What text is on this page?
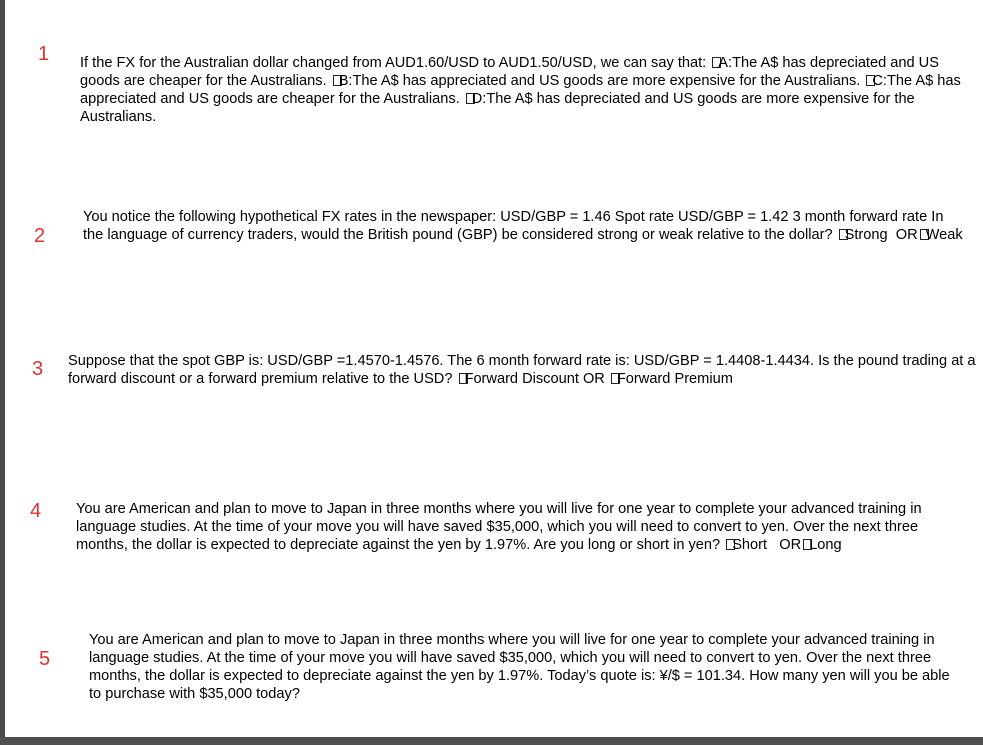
1 If the FX for the Australian dollar changed from AUD1.60/USD to AUD1.50/USD, we can say that: A:The A$ has depreciated and US goods are cheaper for the Australians. B:The A$ has appreciated and US goods are more expensive for the Australians. C:The A$ has appreciated and US goods are cheaper for the Australians. D:The A$ has depreciated and US goods are more expensive for the Australians.

2

You notice the following hypothetical FX rates in the newspaper: USD/GBP = 1.46 Spot rate USD/GBP = 1.42 3 month forward rate In the language of currency traders, would the British pound (GBP) be considered strong or weak relative to the dollar? Strong  OR Weak

3 Suppose that the spot GBP is: USD/GBP =1.4570-1.4576. The 6 month forward rate is: USD/GBP = 1.4408-1.4434. Is the pound trading at a forward discount or a forward premium relative to the USD? Forward Discount OR Forward Premium

4 You are American and plan to move to Japan in three months where you will live for one year to complete your advanced training in language studies. At the time of your move you will have saved $35,000, which you will need to convert to yen. Over the next three months, the dollar is expected to depreciate against the yen by 1.97%. Are you long or short in yen? Short   OR Long

5

You are American and plan to move to Japan in three months where you will live for one year to complete your advanced training in language studies. At the time of your move you will have saved $35,000, which you will need to convert to yen. Over the next three months, the dollar is expected to depreciate against the yen by 1.97%. Today’s quote is: ¥/$ = 101.34. How many yen will you be able to purchase with $35,000 today?
